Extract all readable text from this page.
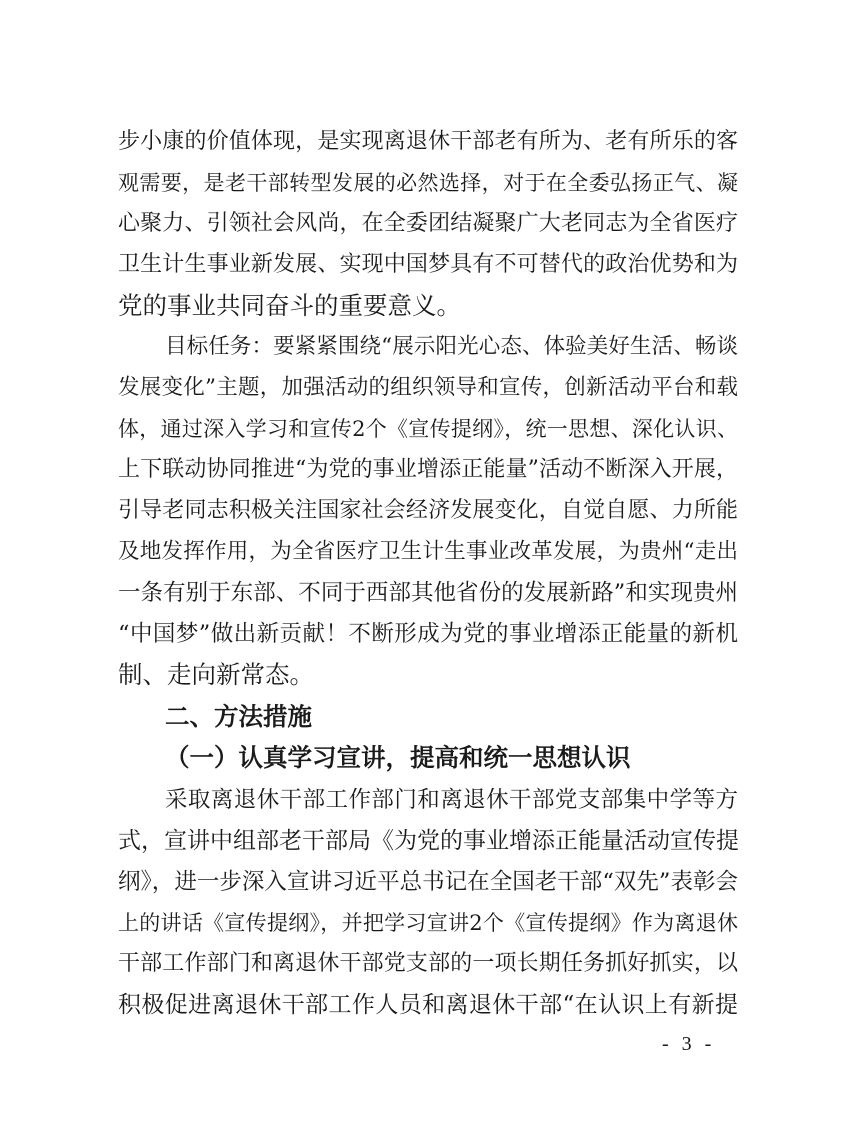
步小康的价值体现，是实现离退休干部老有所为、老有所乐的客
观需要，是老干部转型发展的必然选择，对于在全委弘扬正气、凝
心聚力、引领社会风尚，在全委团结凝聚广大老同志为全省医疗
卫生计生事业新发展、实现中国梦具有不可替代的政治优势和为
党的事业共同奋斗的重要意义。
目标任务：要紧紧围绕“展示阳光心态、体验美好生活、畅谈
发展变化”主题，加强活动的组织领导和宣传，创新活动平台和载
体，通过深入学习和宣传2个《宣传提纲》，统一思想、深化认识、
上下联动协同推进“为党的事业增添正能量”活动不断深入开展，
引导老同志积极关注国家社会经济发展变化，自觉自愿、力所能
及地发挥作用，为全省医疗卫生计生事业改革发展，为贵州“走出
一条有别于东部、不同于西部其他省份的发展新路”和实现贵州
“中国梦”做出新贡献！不断形成为党的事业增添正能量的新机
制、走向新常态。
二、方法措施
（一）认真学习宣讲，提高和统一思想认识
采取离退休干部工作部门和离退休干部党支部集中学等方
式，宣讲中组部老干部局《为党的事业增添正能量活动宣传提
纲》，进一步深入宣讲习近平总书记在全国老干部“双先”表彰会
上的讲话《宣传提纲》，并把学习宣讲2个《宣传提纲》作为离退休
干部工作部门和离退休干部党支部的一项长期任务抓好抓实，以
积极促进离退休干部工作人员和离退休干部“在认识上有新提
- 3 -
